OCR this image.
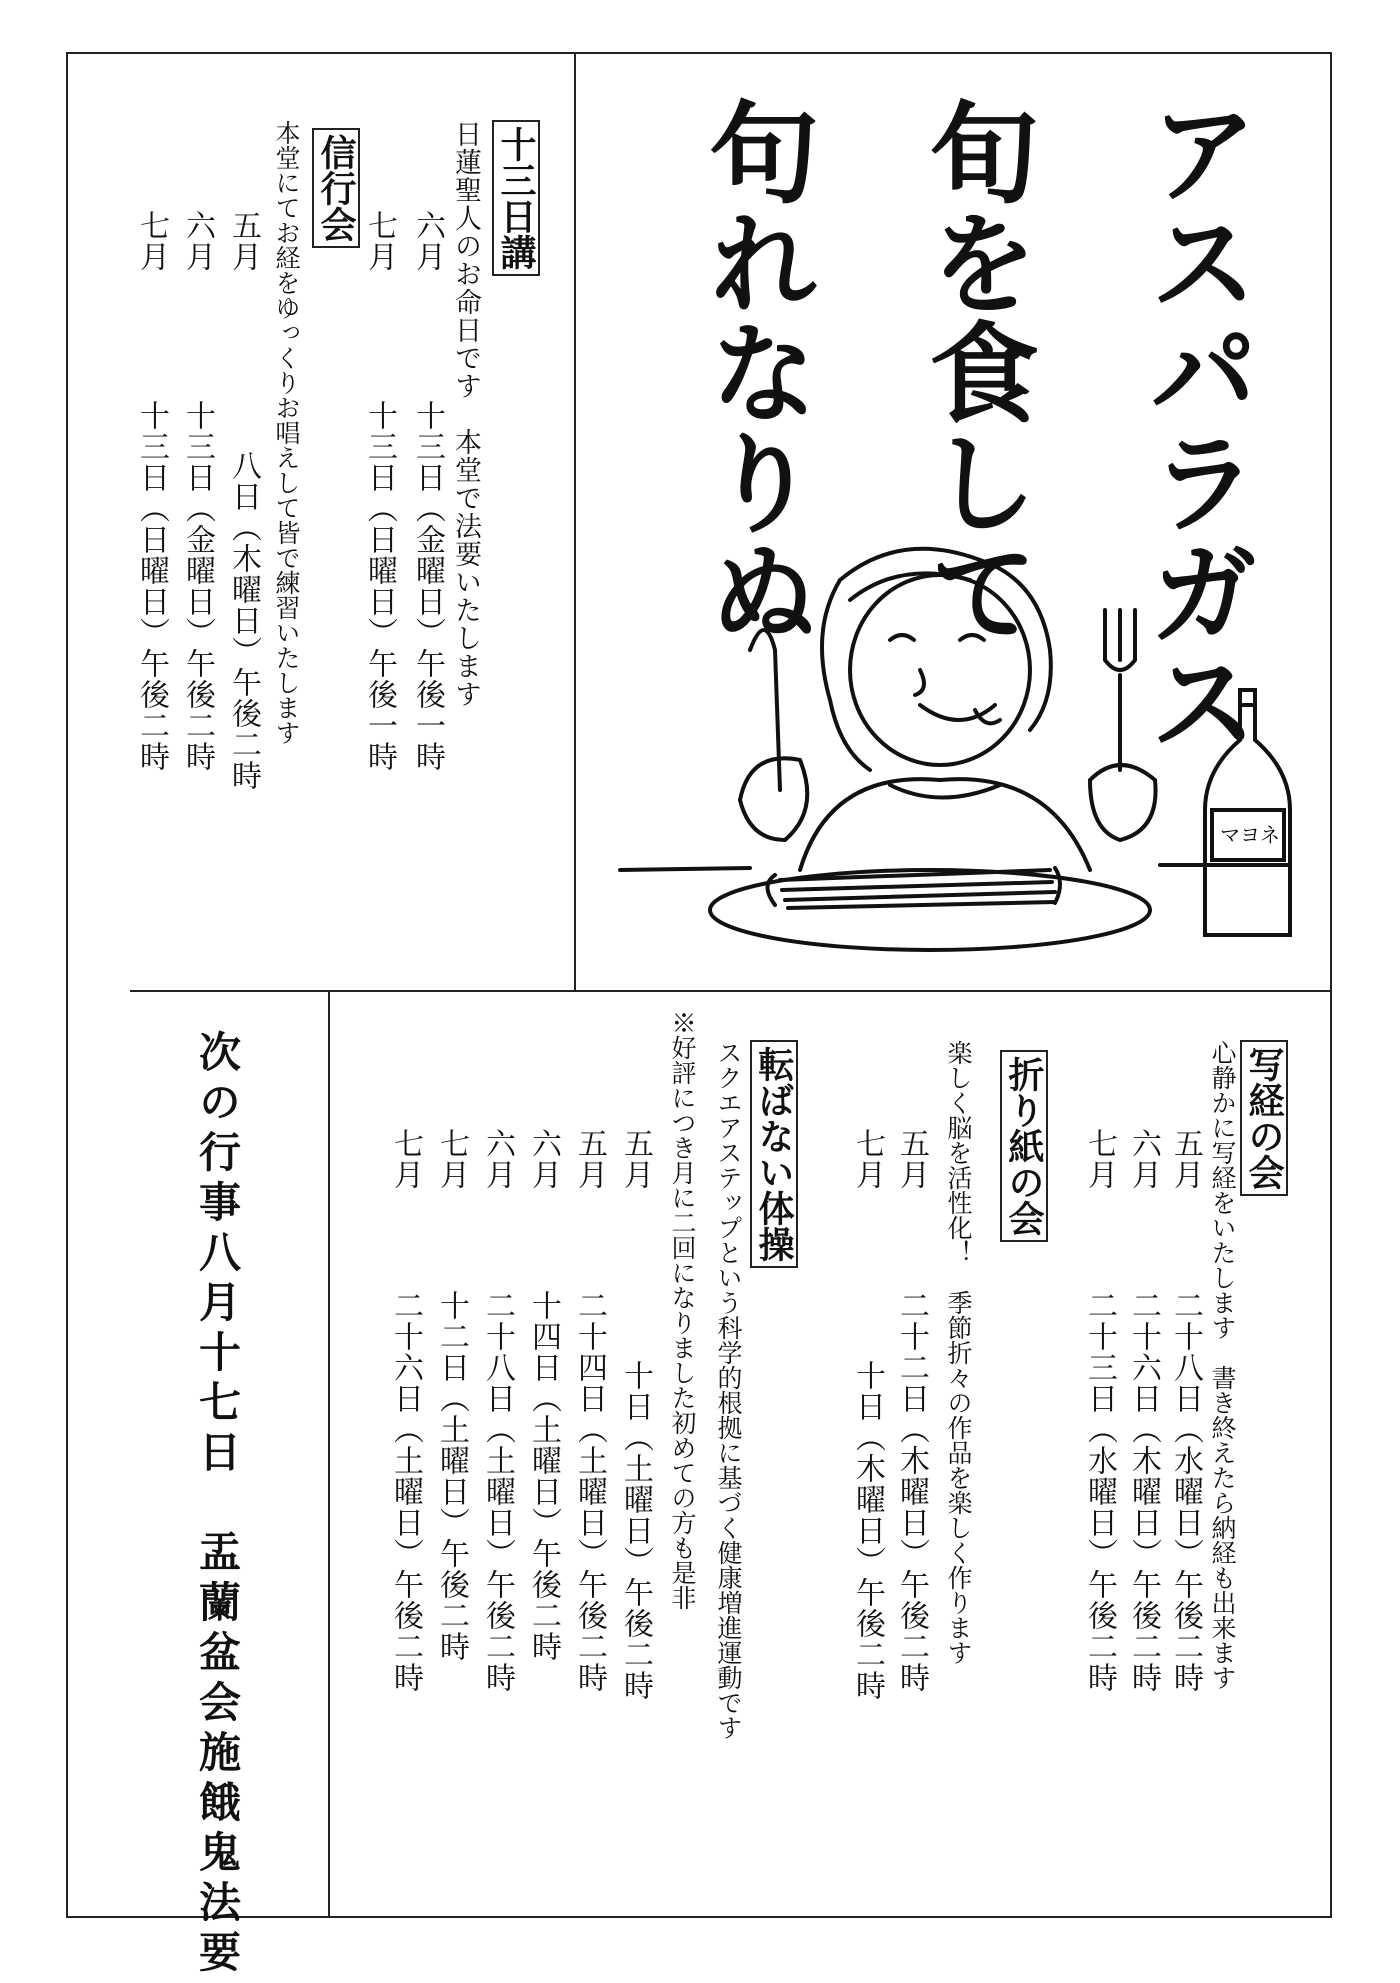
アスパラガス
旬を食して
句れなりぬ
マヨネ
十三日講
日蓮聖人のお命日です　本堂で法要いたします
六月
十三日（金曜日）午後一時
七月
十三日（日曜日）午後一時
信行会
本堂にてお経をゆっくりお唱えして皆で練習いたします
五月
八日（木曜日）午後二時
六月
十三日（金曜日）午後二時
七月
十三日（日曜日）午後二時
写経の会
心静かに写経をいたします　書き終えたら納経も出来ます
五月
二十八日（水曜日）午後二時
六月
二十六日（木曜日）午後二時
七月
二十三日（水曜日）午後二時
折り紙の会
楽しく脳を活性化！　季節折々の作品を楽しく作ります
五月
二十二日（木曜日）午後二時
七月
十日（木曜日）午後二時
転ばない体操
スクエアステップという科学的根拠に基づく健康増進運動です
※好評につき月に二回になりました初めての方も是非
五月
十日（土曜日）午後二時
五月
二十四日（土曜日）午後二時
六月
十四日（土曜日）午後二時
六月
二十八日（土曜日）午後二時
七月
十二日（土曜日）午後二時
七月
二十六日（土曜日）午後二時
次の行事八月十七日　盂蘭盆会施餓鬼法要
